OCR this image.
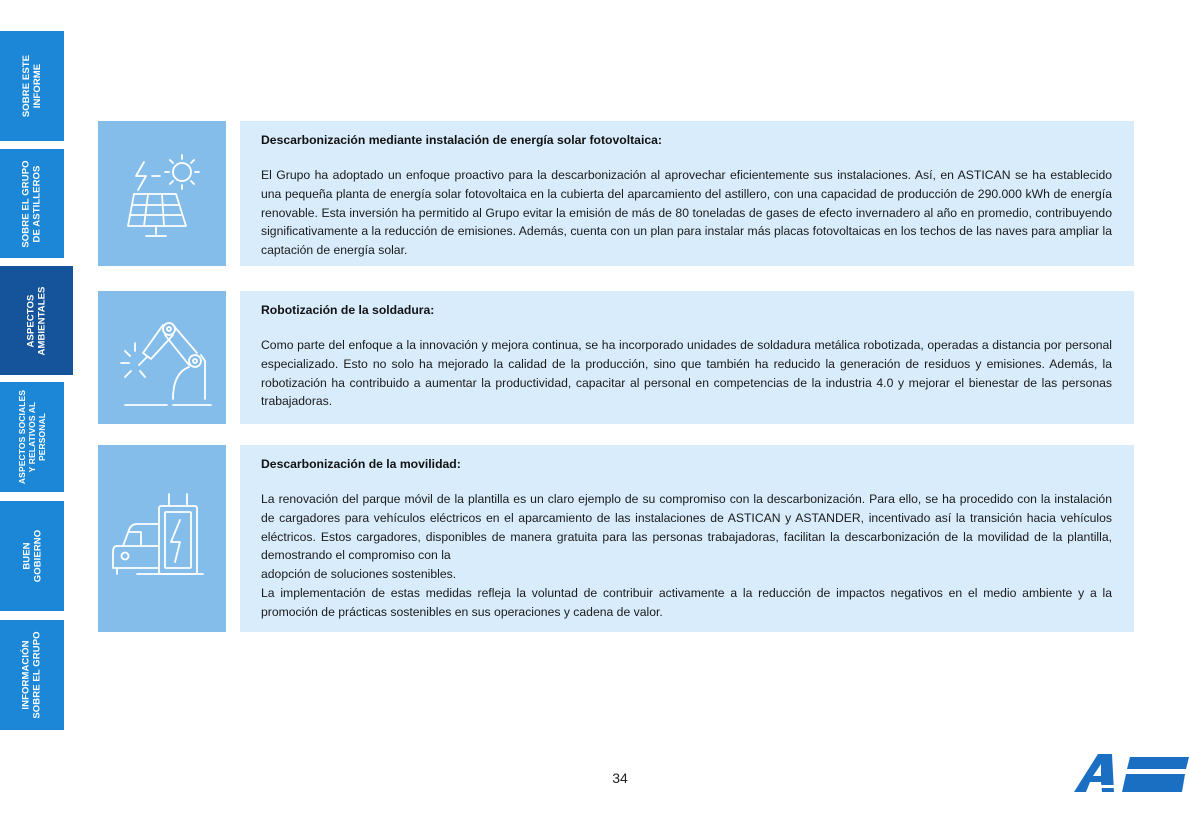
SOBRE ESTE
INFORME
SOBRE EL GRUPO
DE ASTILLEROS
ASPECTOS
AMBIENTALES
ASPECTOS SOCIALES
Y RELATIVOS AL
PERSONAL
BUEN
GOBIERNO
INFORMACIÓN
SOBRE EL GRUPO
Descarbonización mediante instalación de energía solar fotovoltaica:

El Grupo ha adoptado un enfoque proactivo para la descarbonización al aprovechar eficientemente sus instalaciones. Así, en ASTICAN se ha establecido una pequeña planta de energía solar fotovoltaica en la cubierta del aparcamiento del astillero, con una capacidad de producción de 290.000 kWh de energía renovable. Esta inversión ha permitido al Grupo evitar la emisión de más de 80 toneladas de gases de efecto invernadero al año en promedio, contribuyendo significativamente a la reducción de emisiones. Además, cuenta con un plan para instalar más placas fotovoltaicas en los techos de las naves para ampliar la captación de energía solar.

Robotización de la soldadura:

Como parte del enfoque a la innovación y mejora continua, se ha incorporado unidades de soldadura metálica robotizada, operadas a distancia por personal especializado. Esto no solo ha mejorado la calidad de la producción, sino que también ha reducido la generación de residuos y emisiones. Además, la robotización ha contribuido a aumentar la productividad, capacitar al personal en competencias de la industria 4.0 y mejorar el bienestar de las personas trabajadoras.

Descarbonización de la movilidad:

La renovación del parque móvil de la plantilla es un claro ejemplo de su compromiso con la descarbonización. Para ello, se ha procedido con la instalación de cargadores para vehículos eléctricos en el aparcamiento de las instalaciones de ASTICAN y ASTANDER, incentivado así la transición hacia vehículos eléctricos. Estos cargadores, disponibles de manera gratuita para las personas trabajadoras, facilitan la descarbonización de la movilidad de la plantilla, demostrando el compromiso con la

adopción de soluciones sostenibles.

La implementación de estas medidas refleja la voluntad de contribuir activamente a la reducción de impactos negativos en el medio ambiente y a la promoción de prácticas sostenibles en sus operaciones y cadena de valor.

34
